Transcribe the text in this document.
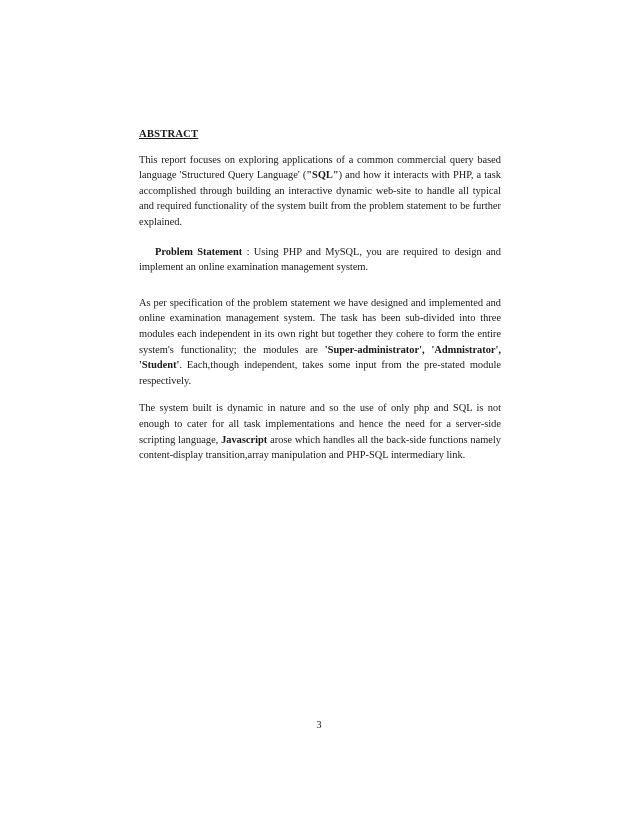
ABSTRACT

This report focuses on exploring applications of a common commercial query based language 'Structured Query Language' ("SQL") and how it interacts with PHP, a task accomplished through building an interactive dynamic web-site to handle all typical and required functionality of the system built from the problem statement to be further explained.

Problem Statement : Using PHP and MySQL, you are required to design and implement an online examination management system.

As per specification of the problem statement we have designed and implemented and online examination management system. The task has been sub-divided into three modules each independent in its own right but together they cohere to form the entire system's functionality; the modules are 'Super-administrator', 'Admnistrator', 'Student'. Each,though independent, takes some input from the pre-stated module respectively.

The system built is dynamic in nature and so the use of only php and SQL is not enough to cater for all task implementations and hence the need for a server-side scripting language, Javascript arose which handles all the back-side functions namely content-display transition,array manipulation and PHP-SQL intermediary link.

3
